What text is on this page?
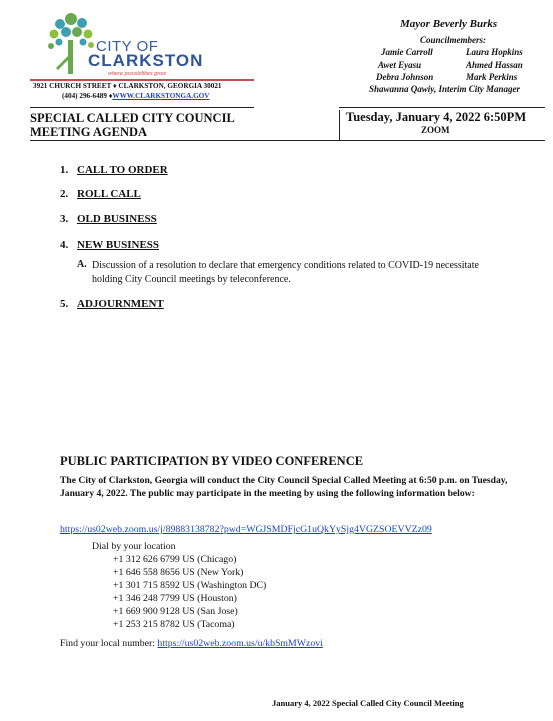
CITY OF
CLARKSTON
where possibilities grow
3921 CHURCH STREET ♦ CLARKSTON, GEORGIA 30021
(404) 296-6489 ♦WWW.CLARKSTONGA.GOV
Mayor Beverly Burks
Councilmembers:
Jamie Carroll	Laura Hopkins
Awet Eyasu	Ahmed Hassan
Debra Johnson	Mark Perkins
Shawanna Qawiy, Interim City Manager
SPECIAL CALLED CITY COUNCIL
MEETING AGENDA
Tuesday, January 4, 2022 6:50PM
ZOOM
1. CALL TO ORDER
2. ROLL CALL
3. OLD BUSINESS
4. NEW BUSINESS
A. Discussion of a resolution to declare that emergency conditions related to COVID-19 necessitate holding City Council meetings by teleconference.
5. ADJOURNMENT
PUBLIC PARTICIPATION BY VIDEO CONFERENCE
The City of Clarkston, Georgia will conduct the City Council Special Called Meeting at 6:50 p.m. on Tuesday, January 4, 2022. The public may participate in the meeting by using the following information below:
https://us02web.zoom.us/j/89883138782?pwd=WGJSMDFjcG1uQkYySjg4VGZSOEVVZz09
Dial by your location
+1 312 626 6799 US (Chicago)
+1 646 558 8656 US (New York)
+1 301 715 8592 US (Washington DC)
+1 346 248 7799 US (Houston)
+1 669 900 9128 US (San Jose)
+1 253 215 8782 US (Tacoma)
Find your local number: https://us02web.zoom.us/u/kbSmMWzovi
January 4, 2022 Special Called City Council Meeting
